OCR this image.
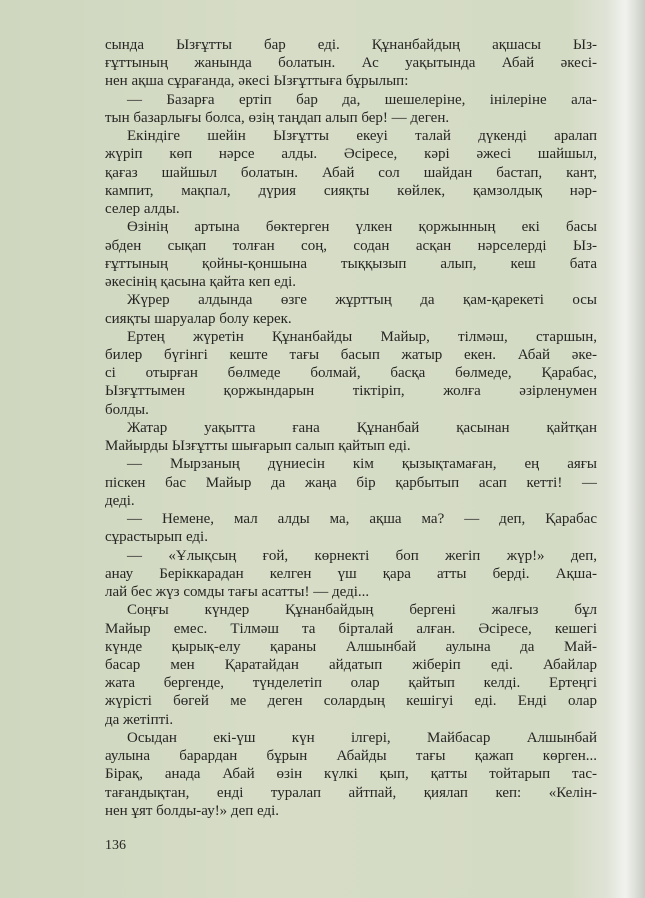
сында Ызғұтты бар еді. Құнанбайдың ақшасы Ыз-
ғұттының жанында болатын. Ас уақытында Абай әкесі-
нен ақша сұрағанда, әкесі Ызғұттыға бұрылып:
— Базарға ертіп бар да, шешелеріне, інілеріне ала-
тын базарлығы болса, өзің таңдап алып бер! — деген.
Екіндіге шейін Ызғұтты екеуі талай дүкенді аралап
жүріп көп нәрсе алды. Әсіресе, кәрі әжесі шайшыл,
қағаз шайшыл болатын. Абай сол шайдан бастап, кант,
кампит, мақпал, дүрия сияқты көйлек, қамзолдық нәр-
селер алды.
Өзінің артына бөктерген үлкен қоржынның екі басы
әбден сықап толған соң, содан асқан нәрселерді Ыз-
ғұттының қойны-қоншына тыққызып алып, кеш бата
әкесінің қасына қайта кеп еді.
Жүрер алдында өзге жұрттың да қам-қарекеті осы
сияқты шаруалар болу керек.
Ертең жүретін Құнанбайды Майыр, тілмәш, старшын,
билер бүгінгі кеште тағы басып жатыр екен. Абай әке-
сі отырған бөлмеде болмай, басқа бөлмеде, Қарабас,
Ызғұттымен қоржындарын тіктіріп, жолға әзірленумен
болды.
Жатар уақытта ғана Құнанбай қасынан қайтқан
Майырды Ызғұтты шығарып салып қайтып еді.
— Мырзаның дүниесін кім қызықтамаған, ең аяғы
піскен бас Майыр да жаңа бір қарбытып асап кетті! —
деді.
— Немене, мал алды ма, ақша ма? — деп, Қарабас
сұрастырып еді.
— «Ұлықсың ғой, көрнекті боп жегіп жүр!» деп,
анау Беріккарадан келген үш қара атты берді. Ақша-
лай бес жүз сомды тағы асатты! — деді...
Соңғы күндер Құнанбайдың бергені жалғыз бұл
Майыр емес. Тілмәш та бірталай алған. Әсіресе, кешегі
күнде қырық-елу қараны Алшынбай аулына да Май-
басар мен Қаратайдан айдатып жіберіп еді. Абайлар
жата бергенде, түнделетіп олар қайтып келді. Ертеңгі
жүрісті бөгей ме деген солардың кешігуі еді. Енді олар
да жетіпті.
Осыдан екі-үш күн ілгері, Майбасар Алшынбай
аулына барардан бұрын Абайды тағы қажап көрген...
Бірақ, анада Абай өзін күлкі қып, қатты тойтарып тас-
тағандықтан, енді туралап айтпай, қиялап кеп: «Келін-
нен ұят болды-ау!» деп еді.
136
